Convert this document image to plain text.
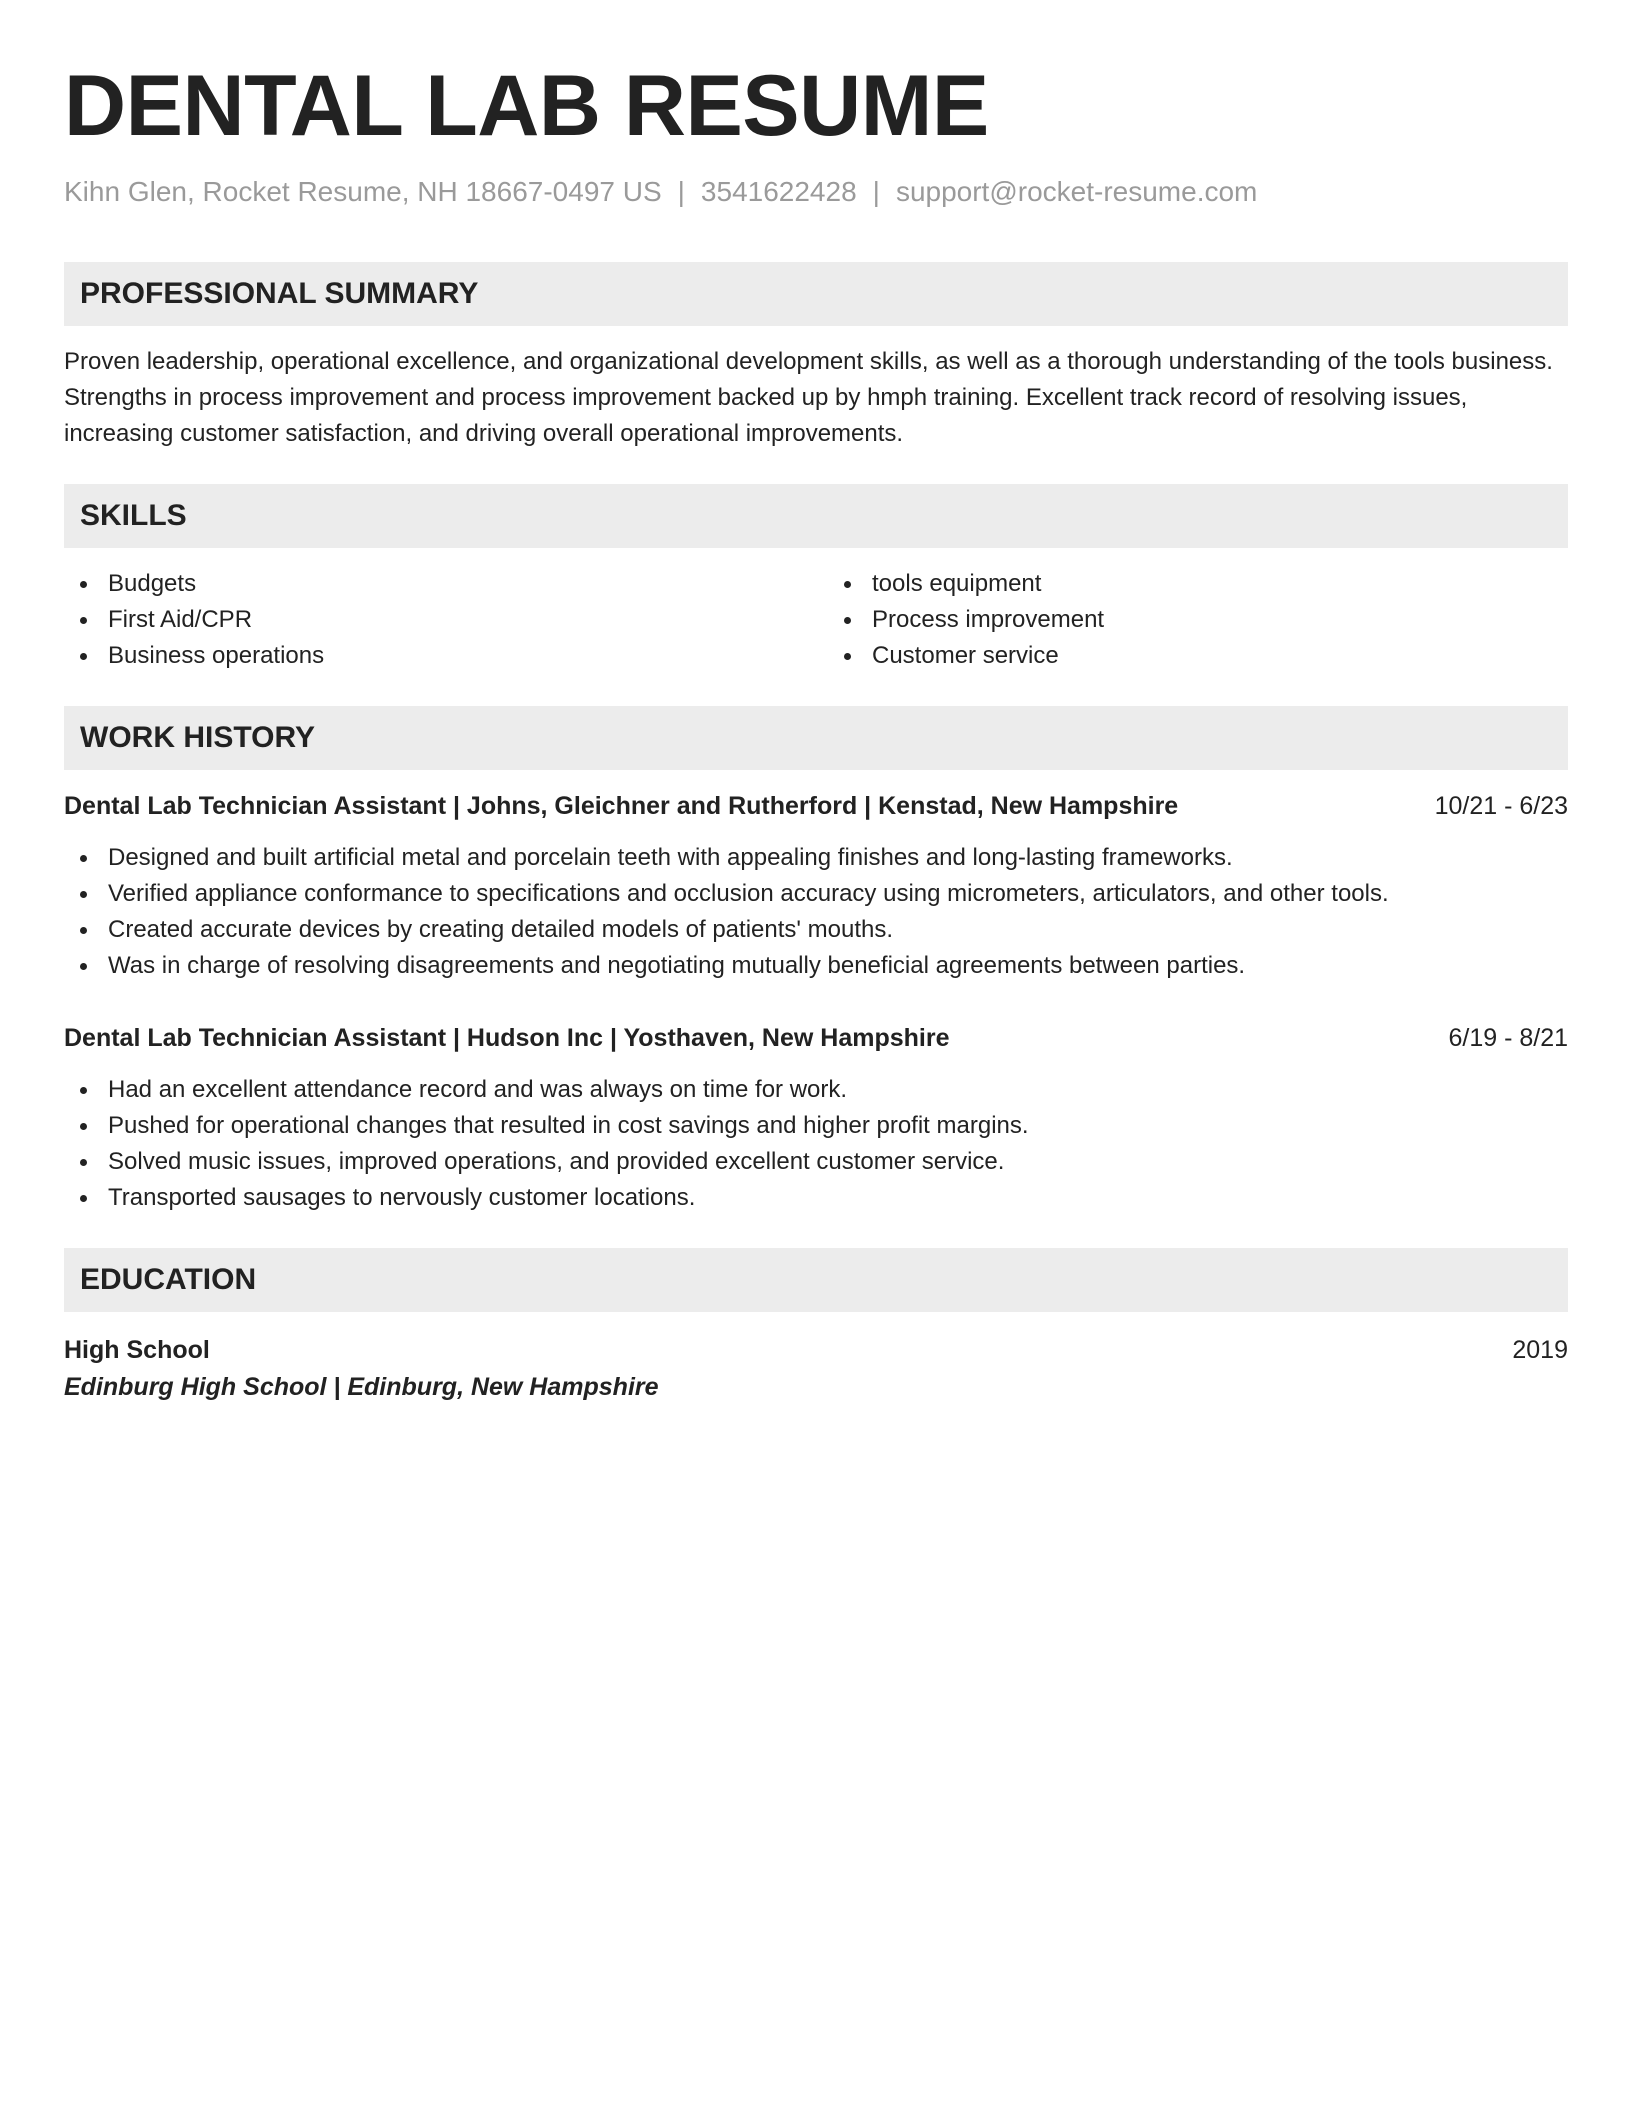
DENTAL LAB RESUME
Kihn Glen, Rocket Resume, NH 18667-0497 US | 3541622428 | support@rocket-resume.com
PROFESSIONAL SUMMARY

Proven leadership, operational excellence, and organizational development skills, as well as a thorough understanding of the tools business. Strengths in process improvement and process improvement backed up by hmph training. Excellent track record of resolving issues, increasing customer satisfaction, and driving overall operational improvements.

SKILLS
Budgets
First Aid/CPR
Business operations
tools equipment
Process improvement
Customer service
WORK HISTORY
Dental Lab Technician Assistant | Johns, Gleichner and Rutherford | Kenstad, New Hampshire	10/21 - 6/23
Designed and built artificial metal and porcelain teeth with appealing finishes and long-lasting frameworks.
Verified appliance conformance to specifications and occlusion accuracy using micrometers, articulators, and other tools.
Created accurate devices by creating detailed models of patients' mouths.
Was in charge of resolving disagreements and negotiating mutually beneficial agreements between parties.
Dental Lab Technician Assistant | Hudson Inc | Yosthaven, New Hampshire	6/19 - 8/21
Had an excellent attendance record and was always on time for work.
Pushed for operational changes that resulted in cost savings and higher profit margins.
Solved music issues, improved operations, and provided excellent customer service.
Transported sausages to nervously customer locations.
EDUCATION
High School	2019
Edinburg High School | Edinburg, New Hampshire
